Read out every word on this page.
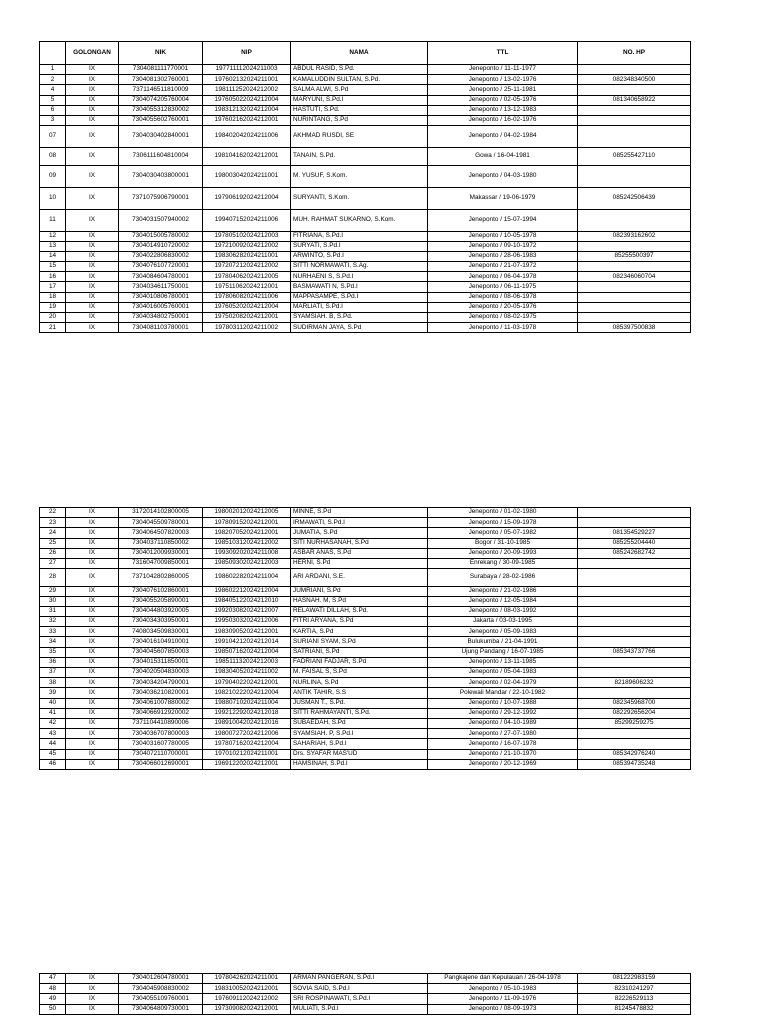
	GOLONGAN	NIK	NIP	NAMA	TTL	NO. HP
1	IX	7304081111770001	197711112024211003	ABDUL RASID, S.Pd.	Jeneponto / 11-11-1977	
2	IX	7304081302760001	197602132024211001	KAMALUDDIN SULTAN, S.Pd.	Jeneponto / 13-02-1976	082348340500
4	IX	7371146511810009	198111252024212002	SALMA ALWI, S.Pd	Jeneponto / 25-11-1981	
5	IX	7304074205760004	197605022024212004	MARYUNI, S.Pd.I	Jeneponto / 02-05-1976	081340658922
6	IX	7304055312830002	198312132024212004	HASTUTI, S.Pd.	Jeneponto / 13-12-1983	
3	IX	7304055602760001	197602162024212001	NURINTANG, S.Pd	Jeneponto / 16-02-1976	
07	IX	7304030402840001	198402042024211006	AKHMAD RUSDI, SE	Jeneponto / 04-02-1984	
08	IX	7306111604810004	198104162024212001	TANAIN, S.Pd.	Gowa / 16-04-1981	085255427110
09	IX	7304030403800001	198003042024211001	M. YUSUF, S.Kom.	Jeneponto / 04-03-1980	
10	IX	7371075906790001	197906192024212004	SURYANTI, S.Kom.	Makassar / 19-06-1979	085242506439
11	IX	7304031507940002	199407152024211006	MUH. RAHMAT SUKARNO, S.Kom.	Jeneponto / 15-07-1994	
12	IX	7304015005780002	197805102024212003	FITRIANA, S.Pd.I	Jeneponto / 10-05-1978	082393162602
13	IX	7304014910720002	197210092024212002	SURYATI, S.Pd.I	Jeneponto / 09-10-1972	
14	IX	7304022806830002	198306282024211001	ARWINTO, S.Pd.I	Jeneponto / 28-06-1983	85255500397
15	IX	7304076107720001	197207212024212002	SITTI NORMAWATI, S.Ag.	Jeneponto / 21-07-1972	
16	IX	7304084604780001	197804062024212005	NURHAENI S, S.Pd.I	Jeneponto / 06-04-1978	082346060704
17	IX	7304034611750001	197511062024212001	BASMAWATI N, S.Pd.I	Jeneponto / 06-11-1975	
18	IX	7304010806780001	197806082024211006	MAPPASAMPE, S.Pd.I	Jeneponto / 08-06-1978	
19	IX	7304016005760001	197605202024212004	MARLIATI, S.Pd.I	Jeneponto / 20-05-1976	
20	IX	7304034802750001	197502082024212001	SYAMSIAH. B, S.Pd.	Jeneponto / 08-02-1975	
21	IX	7304081103780001	197803112024211002	SUDIRMAN JAYA, S.Pd	Jeneponto / 11-03-1978	085397500838
22	IX	3172014102800005	198002012024212005	MINNE, S.Pd	Jeneponto / 01-02-1980	
23	IX	7304045509780001	197809152024212001	IRMAWATI, S.Pd.I	Jeneponto / 15-09-1978	
24	IX	7304064507820003	198207052024212001	JUMATIA, S.Pd	Jeneponto / 05-07-1982	081354529227
25	IX	7304037110850002	198510312024212002	SITI NURHASANAH, S.Pd	Bogor / 31-10-1985	085255204440
26	IX	7304012009930001	199309202024211008	ASBAR ANAS, S.Pd	Jeneponto / 20-09-1993	085242682742
27	IX	7316047009850001	198509302024212003	HERNI, S.Pd	Enrekang / 30-09-1985	
28	IX	7371042802860005	198602282024211004	ARI ARDANI, S.E.	Surabaya / 28-02-1986	
29	IX	7304076102860001	198602212024212004	JUMRIANI, S.Pd	Jeneponto / 21-02-1986	
30	IX	7304055205890001	198405122024212010	HASNAH. M, S.Pd	Jeneponto / 12-05-1984	
31	IX	7304044803920005	199203082024212007	RELAWATI DILLAH, S.Pd.	Jeneponto / 08-03-1992	
32	IX	7304034303950001	199503032024212006	FITRI ARYANA, S.Pd	Jakarta / 03-03-1995	
33	IX	7408034509830001	198309052024212001	KARTIA, S.Pd	Jeneponto / 05-09-1983	
34	IX	7304016104910001	199104212024212014	SURIANI SYAM, S.Pd	Bulukumba / 21-04-1991	
35	IX	7304045607850003	198507162024212004	SATRIANI, S.Pd	Ujung Pandang / 16-07-1985	085343737766
36	IX	7304015311850001	198511132024212003	FADRIANI FADJAR, S.Pd	Jeneponto / 13-11-1985	
37	IX	7304020504830003	198304052024211002	M. FAISAL S, S.Pd	Jeneponto / 05-04-1983	
38	IX	7304034204790001	197904022024212001	NURLINA, S.Pd	Jeneponto / 02-04-1979	82189606232
39	IX	7304036210820001	198210222024212004	ANTIK TAHIR, S.S	Polewali Mandar / 22-10-1982	
40	IX	7304061007880002	198807102024211004	JUSMAN T., S.Pd.	Jeneponto / 10-07-1988	082345968700
41	IX	7304066912920002	199212292024212018	SITTI RAHMAYANTI, S.Pd.	Jeneponto / 29-12-1992	082292656204
42	IX	7371104410890006	198910042024212016	SUBAEDAH, S.Pd	Jeneponto / 04-10-1989	85299259275
43	IX	7304036707800003	198007272024212006	SYAMSIAH. P, S.Pd.I	Jeneponto / 27-07-1980	
44	IX	7304031607780005	197807162024212004	SAHARIAH, S.Pd.I	Jeneponto / 16-07-1978	
45	IX	7304072110700001	197010212024211001	Drs. SYAFAR MAS'UD	Jeneponto / 21-10-1970	085342976240
46	IX	7304066012690001	196912202024212001	HAMSINAH, S.Pd.I	Jeneponto / 20-12-1969	085394735248
47	IX	7304012604780001	197804262024211001	ARMAN PANGERAN, S.Pd.I	Pangkajene dan Kepulauan / 26-04-1978	081222983159
48	IX	7304045908830002	198310052024212001	SOVIA SAID, S.Pd.I	Jeneponto / 05-10-1983	82310241297
49	IX	7304055109760001	197609112024212002	SRI ROSPINAWATI, S.Pd.I	Jeneponto / 11-09-1976	82226529113
50	IX	7304064809730001	197309082024212001	MULIATI, S.Pd.I	Jeneponto / 08-09-1973	81245478832
